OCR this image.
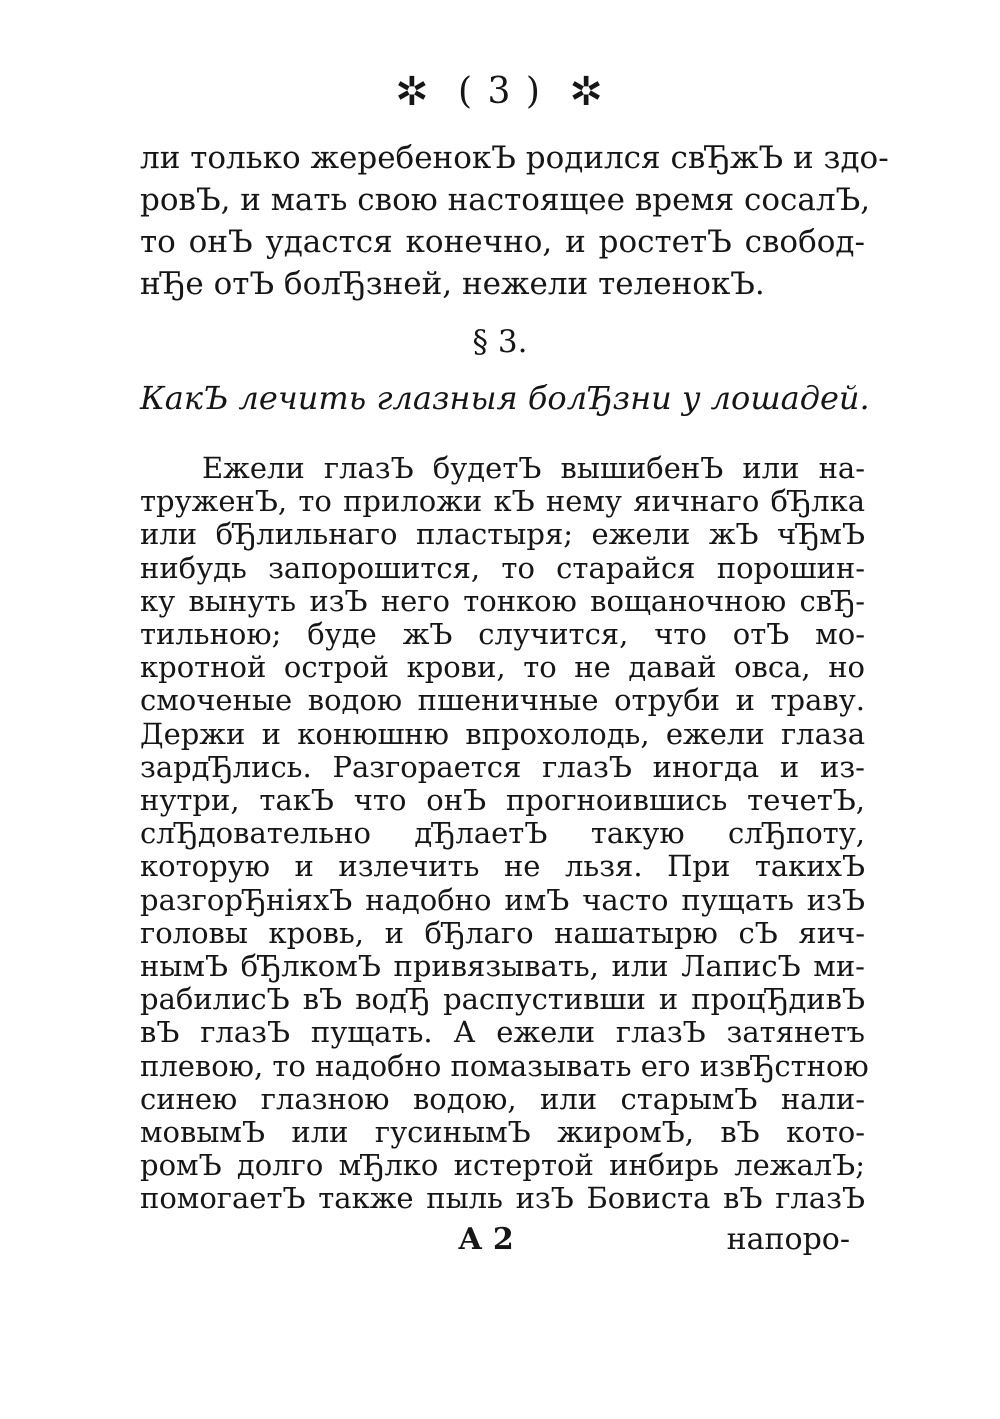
✲ ( 3 ) ✲
ли только жеребенокЪ родился свЂжЪ и здо-
ровЪ, и мать свою настоящее время сосалЪ,
то онЪ удастся конечно, и ростетЪ свобод-
нЂе отЪ болЂзней, нежели теленокЪ.
§ 3.
КакЪ лечить глазныя болЂзни у лошадей.
А 2	напоро-
Ежели глазЪ будетЪ вышибенЪ или на-
труженЪ, то приложи кЪ нему яичнаго бЂлка
или бЂлильнаго пластыря; ежели жЪ чЂмЪ
нибудь запорошится, то старайся порошин-
ку вынуть изЪ него тонкою вощаночною свЂ-
тильною; буде жЪ случится, что отЪ мо-
кротной острой крови, то не давай овса, но
смоченые водою пшеничные отруби и траву.
Держи и конюшню впрохолодь, ежели глаза
зардЂлись. Разгорается глазЪ иногда и из-
нутри, такЪ что онЪ прогноившись течетЪ,
слЂдовательно дЂлаетЪ такую слЂпоту,
которую и излечить не льзя. При такихЪ
разгорЂніяхЪ надобно имЪ часто пущать изЪ
головы кровь, и бЂлаго нашатырю сЪ яич-
нымЪ бЂлкомЪ привязывать, или ЛаписЪ ми-
рабилисЪ вЪ водЂ распустивши и процЂдивЪ
вЪ глазЪ пущать. А ежели глазЪ затянетъ
плевою, то надобно помазывать его извЂстною
синею глазною водою, или старымЪ нали-
мовымЪ или гусинымЪ жиромЪ, вЪ кото-
ромЪ долго мЂлко истертой инбирь лежалЪ;
помогаетЪ также пыль изЪ Бовиста вЪ глазЪ
